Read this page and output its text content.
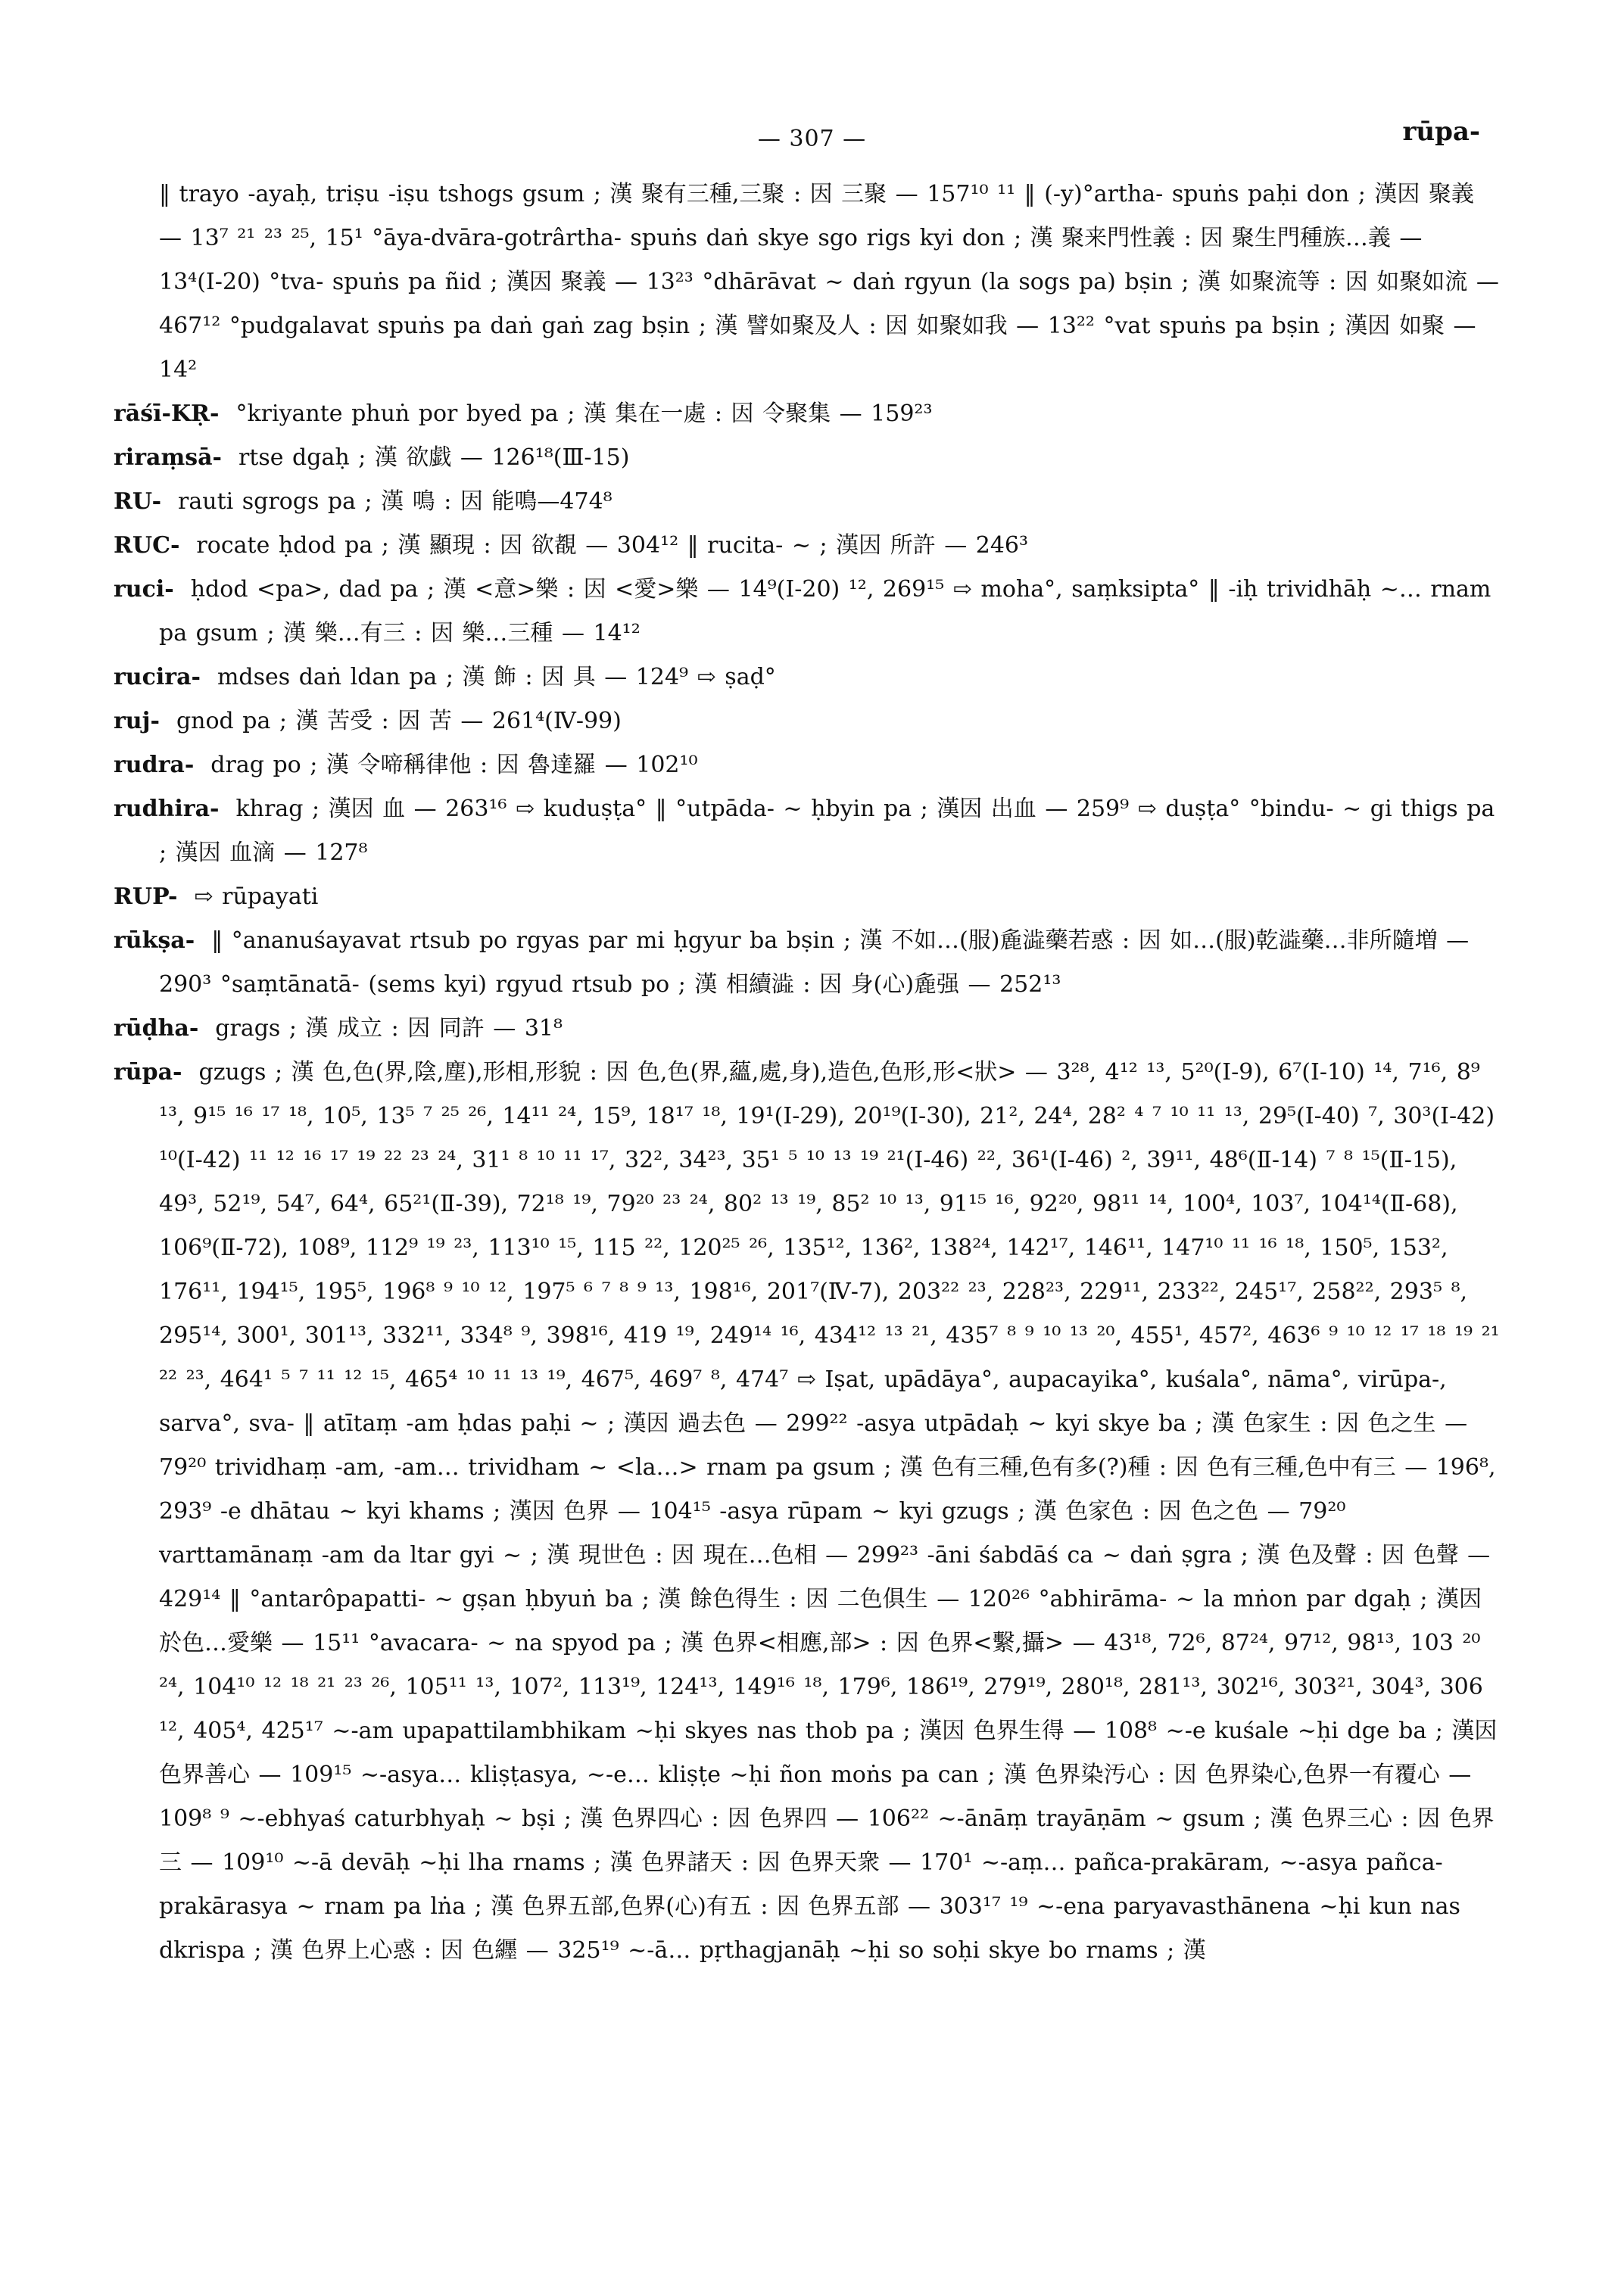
— 307 —	rūpa-
‖ trayo -ayaḥ, triṣu -iṣu tshogs gsum ; 漢 聚有三種,三聚 : 因 三聚 — 157¹⁰ ¹¹ ‖ (-y)°artha- spuṅs paḥi don ; 漢因 聚義 — 13⁷ ²¹ ²³ ²⁵, 15¹ °āya-dvāra-gotrârtha- spuṅs daṅ skye sgo rigs kyi don ; 漢 聚来門性義 : 因 聚生門種族…義 — 13⁴(Ⅰ-20) °tva- spuṅs pa ñid ; 漢因 聚義 — 13²³ °dhārāvat ~ daṅ rgyun (la sogs pa) bṣin ; 漢 如聚流等 : 因 如聚如流 — 467¹² °pudgalavat spuṅs pa daṅ gaṅ zag bṣin ; 漢 譬如聚及人 : 因 如聚如我 — 13²² °vat spuṅs pa bṣin ; 漢因 如聚 — 14²
rāśī-KṚ- °kriyante phuṅ por byed pa ; 漢 集在一處 : 因 令聚集 — 159²³
riraṃsā- rtse dgaḥ ; 漢 欲戯 — 126¹⁸(Ⅲ-15)
RU- rauti sgrogs pa ; 漢 鳴 : 因 能鳴—474⁸
RUC- rocate ḥdod pa ; 漢 顯現 : 因 欲覩 — 304¹² ‖ rucita- ~ ; 漢因 所許 — 246³
ruci- ḥdod <pa>, dad pa ; 漢 <意>樂 : 因 <愛>樂 — 14⁹(Ⅰ-20) ¹², 269¹⁵ ⇨ moha°, saṃksipta° ‖ -iḥ trividhāḥ ~… rnam pa gsum ; 漢 樂…有三 : 因 樂…三種 — 14¹²
rucira- mdses daṅ ldan pa ; 漢 飾 : 因 具 — 124⁹ ⇨ ṣaḍ°
ruj- gnod pa ; 漢 苦受 : 因 苦 — 261⁴(Ⅳ-99)
rudra- drag po ; 漢 令啼稱律他 : 因 魯達羅 — 102¹⁰
rudhira- khrag ; 漢因 血 — 263¹⁶ ⇨ kuduṣṭa° ‖ °utpāda- ~ ḥbyin pa ; 漢因 出血 — 259⁹ ⇨ duṣṭa° °bindu- ~ gi thigs pa ; 漢因 血滴 — 127⁸
RUP- ⇨ rūpayati
rūkṣa- ‖ °ananuśayavat rtsub po rgyas par mi ḥgyur ba bṣin ; 漢 不如…(服)麁澁藥若惑 : 因 如…(服)乾澁藥…非所隨増 — 290³ °saṃtānatā- (sems kyi) rgyud rtsub po ; 漢 相續澁 : 因 身(心)麁强 — 252¹³
rūḍha- grags ; 漢 成立 : 因 同許 — 31⁸
rūpa- gzugs ; 漢 色,色(界,陰,塵),形相,形貌 : 因 色,色(界,蘊,處,身),造色,色形,形<狀> — 3²⁸, 4¹² ¹³, 5²⁰(Ⅰ-9), 6⁷(Ⅰ-10) ¹⁴, 7¹⁶, 8⁹ ¹³, 9¹⁵ ¹⁶ ¹⁷ ¹⁸, 10⁵, 13⁵ ⁷ ²⁵ ²⁶, 14¹¹ ²⁴, 15⁹, 18¹⁷ ¹⁸, 19¹(Ⅰ-29), 20¹⁹(Ⅰ-30), 21², 24⁴, 28² ⁴ ⁷ ¹⁰ ¹¹ ¹³, 29⁵(Ⅰ-40) ⁷, 30³(Ⅰ-42) ¹⁰(Ⅰ-42) ¹¹ ¹² ¹⁶ ¹⁷ ¹⁹ ²² ²³ ²⁴, 31¹ ⁸ ¹⁰ ¹¹ ¹⁷, 32², 34²³, 35¹ ⁵ ¹⁰ ¹³ ¹⁹ ²¹(Ⅰ-46) ²², 36¹(Ⅰ-46) ², 39¹¹, 48⁶(Ⅱ-14) ⁷ ⁸ ¹⁵(Ⅱ-15), 49³, 52¹⁹, 54⁷, 64⁴, 65²¹(Ⅱ-39), 72¹⁸ ¹⁹, 79²⁰ ²³ ²⁴, 80² ¹³ ¹⁹, 85² ¹⁰ ¹³, 91¹⁵ ¹⁶, 92²⁰, 98¹¹ ¹⁴, 100⁴, 103⁷, 104¹⁴(Ⅱ-68), 106⁹(Ⅱ-72), 108⁹, 112⁹ ¹⁹ ²³, 113¹⁰ ¹⁵, 115 ²², 120²⁵ ²⁶, 135¹², 136², 138²⁴, 142¹⁷, 146¹¹, 147¹⁰ ¹¹ ¹⁶ ¹⁸, 150⁵, 153², 176¹¹, 194¹⁵, 195⁵, 196⁸ ⁹ ¹⁰ ¹², 197⁵ ⁶ ⁷ ⁸ ⁹ ¹³, 198¹⁶, 201⁷(Ⅳ-7), 203²² ²³, 228²³, 229¹¹, 233²², 245¹⁷, 258²², 293⁵ ⁸, 295¹⁴, 300¹, 301¹³, 332¹¹, 334⁸ ⁹, 398¹⁶, 419 ¹⁹, 249¹⁴ ¹⁶, 434¹² ¹³ ²¹, 435⁷ ⁸ ⁹ ¹⁰ ¹³ ²⁰, 455¹, 457², 463⁶ ⁹ ¹⁰ ¹² ¹⁷ ¹⁸ ¹⁹ ²¹ ²² ²³, 464¹ ⁵ ⁷ ¹¹ ¹² ¹⁵, 465⁴ ¹⁰ ¹¹ ¹³ ¹⁹, 467⁵, 469⁷ ⁸, 474⁷ ⇨ Iṣat, upādāya°, aupacayika°, kuśala°, nāma°, virūpa-, sarva°, sva- ‖ atītaṃ -am ḥdas paḥi ~ ; 漢因 過去色 — 299²² -asya utpādaḥ ~ kyi skye ba ; 漢 色家生 : 因 色之生 — 79²⁰ trividhaṃ -am, -am… trividham ~ <la…> rnam pa gsum ; 漢 色有三種,色有多(?)種 : 因 色有三種,色中有三 — 196⁸, 293⁹ -e dhātau ~ kyi khams ; 漢因 色界 — 104¹⁵ -asya rūpam ~ kyi gzugs ; 漢 色家色 : 因 色之色 — 79²⁰ varttamānaṃ -am da ltar gyi ~ ; 漢 現世色 : 因 現在…色相 — 299²³ -āni śabdāś ca ~ daṅ ṣgra ; 漢 色及聲 : 因 色聲 — 429¹⁴ ‖ °antarôpapatti- ~ gṣan ḥbyuṅ ba ; 漢 餘色得生 : 因 二色俱生 — 120²⁶ °abhirāma- ~ la mṅon par dgaḥ ; 漢因 於色…愛樂 — 15¹¹ °avacara- ~ na spyod pa ; 漢 色界<相應,部> : 因 色界<繫,攝> — 43¹⁸, 72⁶, 87²⁴, 97¹², 98¹³, 103 ²⁰ ²⁴, 104¹⁰ ¹² ¹⁸ ²¹ ²³ ²⁶, 105¹¹ ¹³, 107², 113¹⁹, 124¹³, 149¹⁶ ¹⁸, 179⁶, 186¹⁹, 279¹⁹, 280¹⁸, 281¹³, 302¹⁶, 303²¹, 304³, 306 ¹², 405⁴, 425¹⁷ ~-am upapattilambhikam ~ḥi skyes nas thob pa ; 漢因 色界生得 — 108⁸ ~-e kuśale ~ḥi dge ba ; 漢因 色界善心 — 109¹⁵ ~-asya… kliṣṭasya, ~-e… kliṣṭe ~ḥi ñon moṅs pa can ; 漢 色界染汚心 : 因 色界染心,色界一有覆心 — 109⁸ ⁹ ~-ebhyaś caturbhyaḥ ~ bṣi ; 漢 色界四心 : 因 色界四 — 106²² ~-ānāṃ trayāṇām ~ gsum ; 漢 色界三心 : 因 色界三 — 109¹⁰ ~-ā devāḥ ~ḥi lha rnams ; 漢 色界諸天 : 因 色界天衆 — 170¹ ~-aṃ… pañca-prakāram, ~-asya pañca-prakārasya ~ rnam pa lṅa ; 漢 色界五部,色界(心)有五 : 因 色界五部 — 303¹⁷ ¹⁹ ~-ena paryavasthānena ~ḥi kun nas dkrispa ; 漢 色界上心惑 : 因 色纒 — 325¹⁹ ~-ā… pṛthagjanāḥ ~ḥi so soḥi skye bo rnams ; 漢
